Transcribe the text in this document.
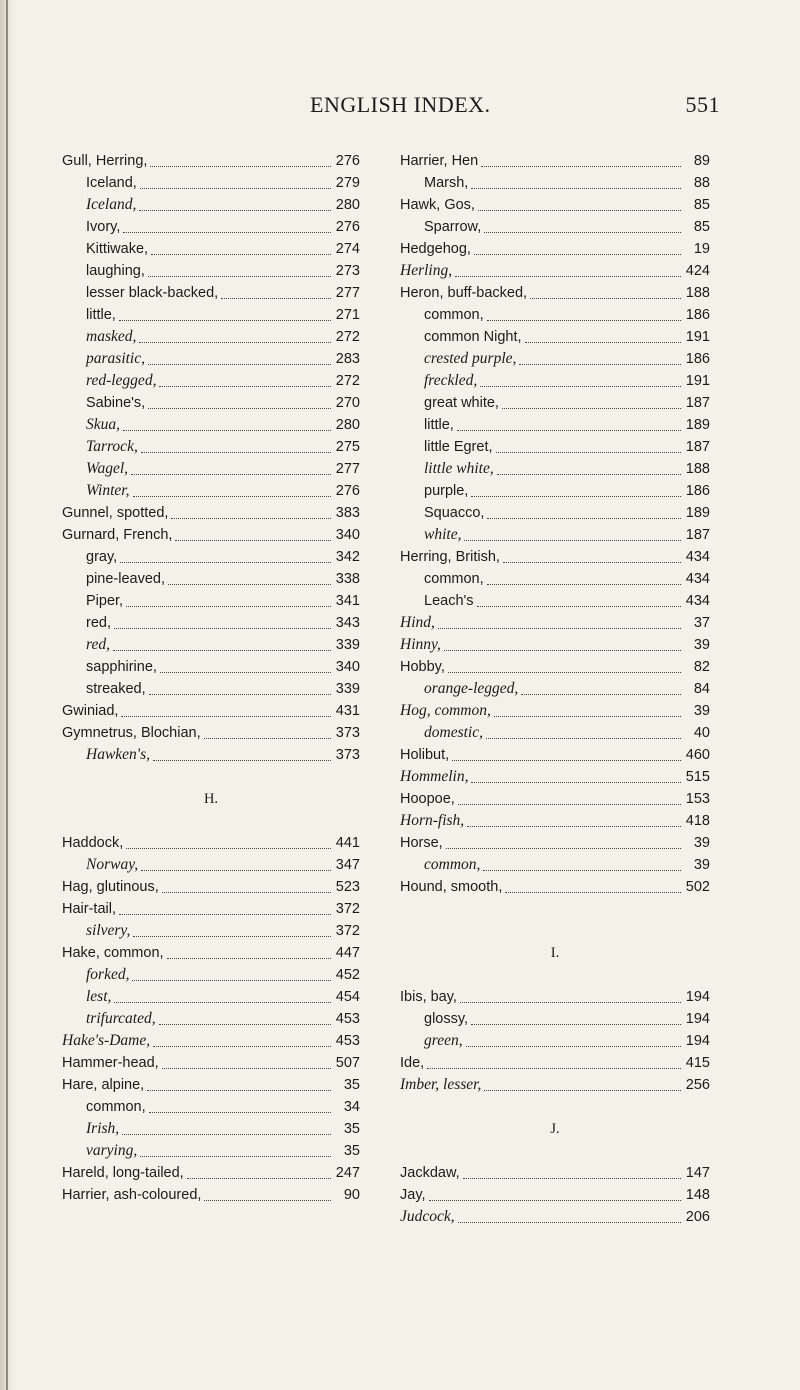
ENGLISH INDEX.	551
Gull, Herring,	276
Iceland,	279
Iceland,	280
Ivory,	276
Kittiwake,	274
laughing,	273
lesser black-backed,	277
little,	271
masked,	272
parasitic,	283
red-legged,	272
Sabine's,	270
Skua,	280
Tarrock,	275
Wagel,	277
Winter,	276
Gunnel, spotted,	383
Gurnard, French,	340
gray,	342
pine-leaved,	338
Piper,	341
red,	343
red,	339
sapphirine,	340
streaked,	339
Gwiniad,	431
Gymnetrus, Blochian,	373
Hawken's,	373
H.
Haddock,	441
Norway,	347
Hag, glutinous,	523
Hair-tail,	372
silvery,	372
Hake, common,	447
forked,	452
lest,	454
trifurcated,	453
Hake's-Dame,	453
Hammer-head,	507
Hare, alpine,	35
common,	34
Irish,	35
varying,	35
Hareld, long-tailed,	247
Harrier, ash-coloured,	90
Harrier, Hen	89
Marsh,	88
Hawk, Gos,	85
Sparrow,	85
Hedgehog,	19
Herling,	424
Heron, buff-backed,	188
common,	186
common Night,	191
crested purple,	186
freckled,	191
great white,	187
little,	189
little Egret,	187
little white,	188
purple,	186
Squacco,	189
white,	187
Herring, British,	434
common,	434
Leach's	434
Hind,	37
Hinny,	39
Hobby,	82
orange-legged,	84
Hog, common,	39
domestic,	40
Holibut,	460
Hommelin,	515
Hoopoe,	153
Horn-fish,	418
Horse,	39
common,	39
Hound, smooth,	502
I.
Ibis, bay,	194
glossy,	194
green,	194
Ide,	415
Imber, lesser,	256
J.
Jackdaw,	147
Jay,	148
Judcock,	206
